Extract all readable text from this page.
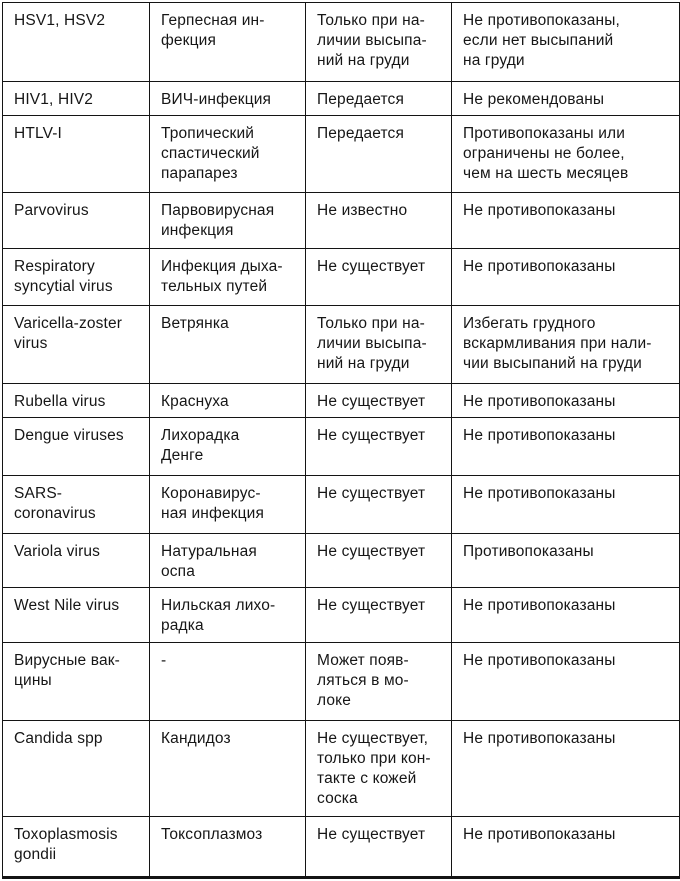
HSV1, HSV2	Герпесная ин-
фекция	Только при на-
личии высыпа-
ний на груди	Не противопоказаны,
если нет высыпаний
на груди
HIV1, HIV2	ВИЧ-инфекция	Передается	Не рекомендованы
HTLV-I	Тропический
спастический
парапарез	Передается	Противопоказаны или
ограничены не более,
чем на шесть месяцев
Parvovirus	Парвовирусная
инфекция	Не известно	Не противопоказаны
Respiratory
syncytial virus	Инфекция дыха-
тельных путей	Не существует	Не противопоказаны
Varicella-zoster
virus	Ветрянка	Только при на-
личии высыпа-
ний на груди	Избегать грудного
вскармливания при нали-
чии высыпаний на груди
Rubella virus	Краснуха	Не существует	Не противопоказаны
Dengue viruses	Лихорадка
Денге	Не существует	Не противопоказаны
SARS-
coronavirus	Коронавирус-
ная инфекция	Не существует	Не противопоказаны
Variola virus	Натуральная
оспа	Не существует	Противопоказаны
West Nile virus	Нильская лихо-
радка	Не существует	Не противопоказаны
Вирусные вак-
цины	-	Может появ-
ляться в мо-
локе	Не противопоказаны
Candida spp	Кандидоз	Не существует,
только при кон-
такте с кожей
соска	Не противопоказаны
Toxoplasmosis
gondii	Токсоплазмоз	Не существует	Не противопоказаны
